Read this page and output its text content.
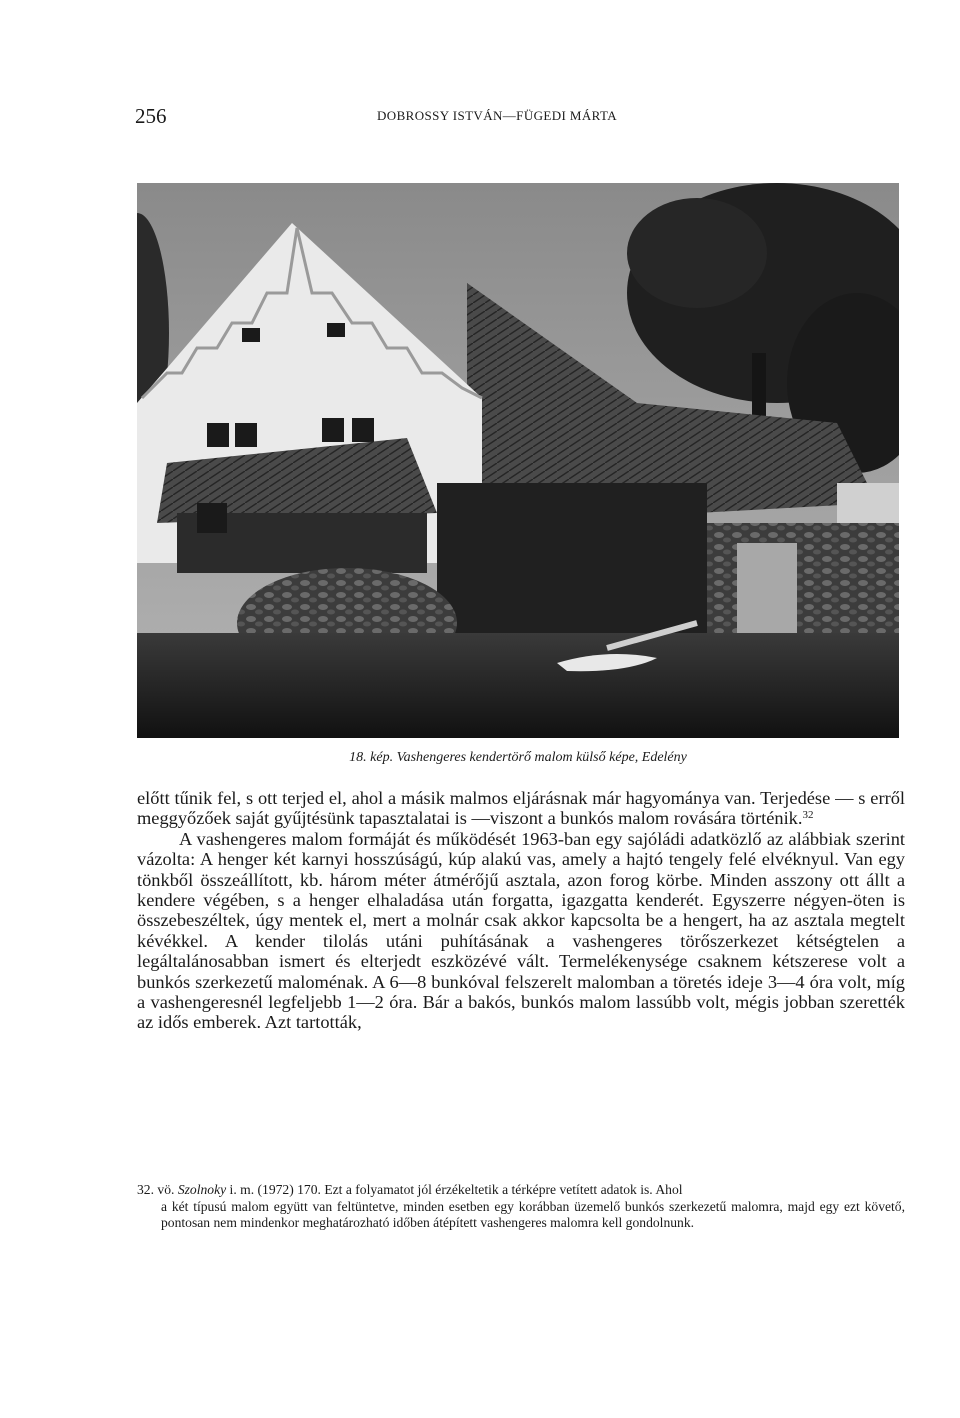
256	DOBROSSY ISTVÁN—FÜGEDI MÁRTA
18. kép. Vashengeres kendertörő malom külső képe, Edelény

előtt tűnik fel, s ott terjed el, ahol a másik malmos eljárásnak már hagyománya van. Terjedése — s erről meggyőzőek saját gyűjtésünk tapasztalatai is —viszont a bunkós malom rovására történik.$^{32}$

A vashengeres malom formáját és működését 1963-ban egy sajóládi adatközlő az alábbiak szerint vázolta: A henger két karnyi hosszúságú, kúp alakú vas, amely a hajtó tengely felé elvéknyul. Van egy tönkből összeállított, kb. három méter átmérőjű asztala, azon forog körbe. Minden asszony ott állt a kendere végében, s a henger elhaladása után forgatta, igazgatta kenderét. Egyszerre négyen-öten is összebeszéltek, úgy mentek el, mert a molnár csak akkor kapcsolta be a hengert, ha az asztala megtelt kévékkel. A kender tilolás utáni puhításának a vashengeres törőszerkezet kétségtelen a legáltalánosabban ismert és elterjedt eszközévé vált. Termelékenysége csaknem kétszerese volt a bunkós szerkezetű maloménak. A 6—8 bunkóval felszerelt malomban a töretés ideje 3—4 óra volt, míg a vashengeresnél legfeljebb 1—2 óra. Bár a bakós, bunkós malom lassúbb volt, mégis jobban szerették az idős emberek. Azt tartották,

32. vö. Szolnoky i. m. (1972) 170. Ezt a folyamatot jól érzékeltetik a térképre vetített adatok is. Ahol
a két típusú malom együtt van feltüntetve, minden esetben egy korábban üzemelő bunkós szerkezetű malomra, majd egy ezt követő, pontosan nem mindenkor meghatározható időben átépített vashengeres malomra kell gondolnunk.
